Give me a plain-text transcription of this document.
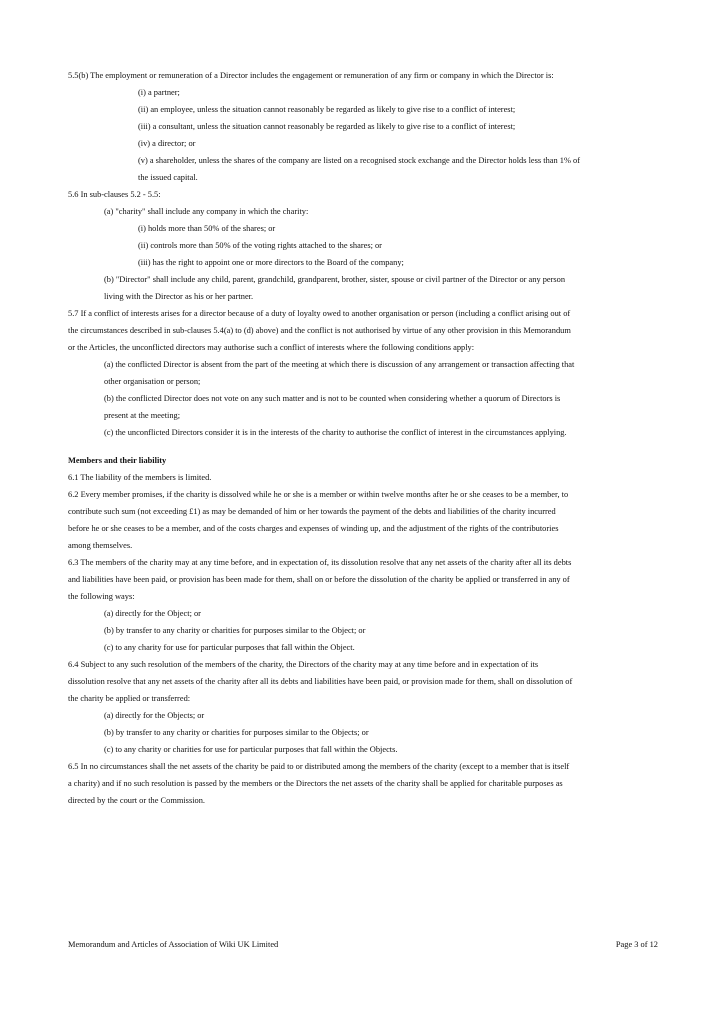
5.5(b) The employment or remuneration of a Director includes the engagement or remuneration of any firm or company in which the Director is:
(i) a partner;
(ii) an employee, unless the situation cannot reasonably be regarded as likely to give rise to a conflict of interest;
(iii) a consultant, unless the situation cannot reasonably be regarded as likely to give rise to a conflict of interest;
(iv) a director; or
(v) a shareholder, unless the shares of the company are listed on a recognised stock exchange and the Director holds less than 1% of
the issued capital.
5.6 In sub-clauses 5.2 - 5.5:
(a) "charity" shall include any company in which the charity:
(i) holds more than 50% of the shares; or
(ii) controls more than 50% of the voting rights attached to the shares; or
(iii) has the right to appoint one or more directors to the Board of the company;
(b) "Director" shall include any child, parent, grandchild, grandparent, brother, sister, spouse or civil partner of the Director or any person
living with the Director as his or her partner.
5.7 If a conflict of interests arises for a director because of a duty of loyalty owed to another organisation or person (including a conflict arising out of
the circumstances described in sub-clauses 5.4(a) to (d) above) and the conflict is not authorised by virtue of any other provision in this Memorandum
or the Articles, the unconflicted directors may authorise such a conflict of interests where the following conditions apply:
(a) the conflicted Director is absent from the part of the meeting at which there is discussion of any arrangement or transaction affecting that
other organisation or person;
(b) the conflicted Director does not vote on any such matter and is not to be counted when considering whether a quorum of Directors is
present at the meeting;
(c) the unconflicted Directors consider it is in the interests of the charity to authorise the conflict of interest in the circumstances applying.
Members and their liability
6.1 The liability of the members is limited.
6.2 Every member promises, if the charity is dissolved while he or she is a member or within twelve months after he or she ceases to be a member, to
contribute such sum (not exceeding £1) as may be demanded of him or her towards the payment of the debts and liabilities of the charity incurred
before he or she ceases to be a member, and of the costs charges and expenses of winding up, and the adjustment of the rights of the contributories
among themselves.
6.3 The members of the charity may at any time before, and in expectation of, its dissolution resolve that any net assets of the charity after all its debts
and liabilities have been paid, or provision has been made for them, shall on or before the dissolution of the charity be applied or transferred in any of
the following ways:
(a) directly for the Object; or
(b) by transfer to any charity or charities for purposes similar to the Object; or
(c) to any charity for use for particular purposes that fall within the Object.
6.4 Subject to any such resolution of the members of the charity, the Directors of the charity may at any time before and in expectation of its
dissolution resolve that any net assets of the charity after all its debts and liabilities have been paid, or provision made for them, shall on dissolution of
the charity be applied or transferred:
(a) directly for the Objects; or
(b) by transfer to any charity or charities for purposes similar to the Objects; or
(c) to any charity or charities for use for particular purposes that fall within the Objects.
6.5 In no circumstances shall the net assets of the charity be paid to or distributed among the members of the charity (except to a member that is itself
a charity) and if no such resolution is passed by the members or the Directors the net assets of the charity shall be applied for charitable purposes as
directed by the court or the Commission.
Memorandum and Articles of Association of Wiki UK Limited	Page 3 of 12
